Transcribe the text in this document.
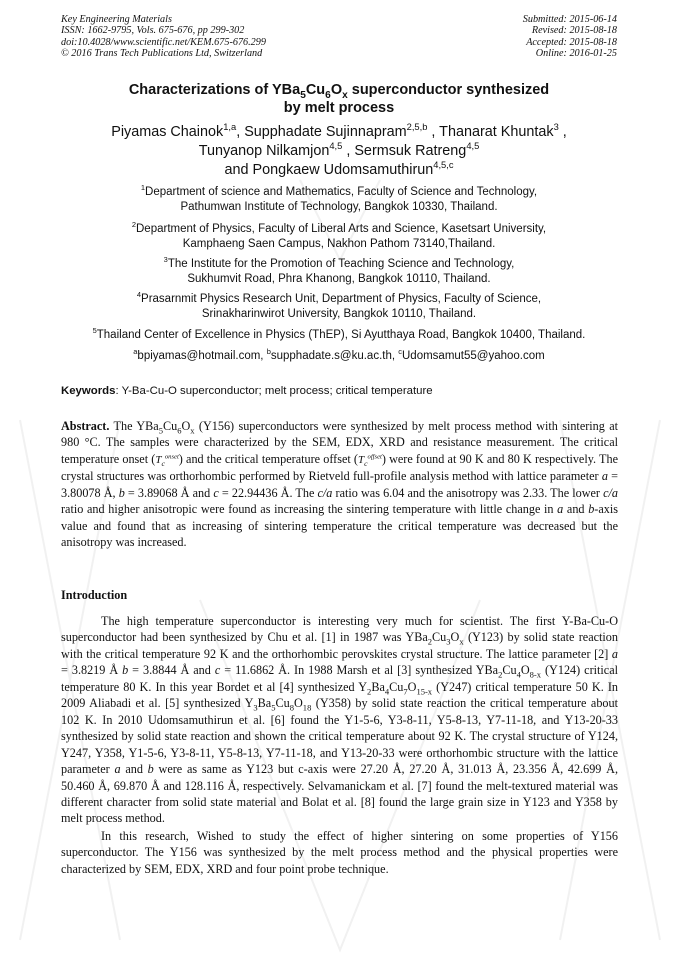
Key Engineering Materials
ISSN: 1662-9795, Vols. 675-676, pp 299-302
doi:10.4028/www.scientific.net/KEM.675-676.299
© 2016 Trans Tech Publications Ltd, Switzerland
Submitted: 2015-06-14
Revised: 2015-08-18
Accepted: 2015-08-18
Online: 2016-01-25
Characterizations of $YBa_5Cu_6O_x$ superconductor synthesized
by melt process
Piyamas Chainok$^{1,a}$, Supphadate Sujinnapram$^{2,5,b}$ , Thanarat Khuntak$^3$ ,
Tunyanop Nilkamjon$^{4,5}$ , Sermsuk Ratreng$^{4,5}$
and Pongkaew Udomsamuthirun$^{4,5,c}$
$^1$Department of science and Mathematics, Faculty of Science and Technology,
Pathumwan Institute of Technology, Bangkok 10330, Thailand.
$^2$Department of Physics, Faculty of Liberal Arts and Science, Kasetsart University,
Kamphaeng Saen Campus, Nakhon Pathom 73140,Thailand.
$^3$The Institute for the Promotion of Teaching Science and Technology,
Sukhumvit Road, Phra Khanong, Bangkok 10110, Thailand.
$^4$Prasarnmit Physics Research Unit, Department of Physics, Faculty of Science,
Srinakharinwirot University, Bangkok 10110, Thailand.
$^5$Thailand Center of Excellence in Physics (ThEP), Si Ayutthaya Road, Bangkok 10400, Thailand.
$^a$bpiyamas@hotmail.com, $^b$supphadate.s@ku.ac.th, $^c$Udomsamut55@yahoo.com
Keywords: Y-Ba-Cu-O superconductor; melt process; critical temperature
Abstract. The $YBa_5Cu_6O_x$ (Y156) superconductors were synthesized by melt process method with sintering at 980 °C. The samples were characterized by the SEM, EDX, XRD and resistance measurement. The critical temperature onset $(T_c^{onset})$ and the critical temperature offset $(T_c^{offset})$ were found at 90 K and 80 K respectively. The crystal structures was orthorhombic performed by Rietveld full-profile analysis method with lattice parameter a = 3.80078 Å, b = 3.89068 Å and c = 22.94436 Å. The c/a ratio was 6.04 and the anisotropy was 2.33. The lower c/a ratio and higher anisotropic were found as increasing the sintering temperature with little change in a and b-axis value and found that as increasing of sintering temperature the critical temperature was decreased but the anisotropy was increased.
Introduction
The high temperature superconductor is interesting very much for scientist. The first Y-Ba-Cu-O superconductor had been synthesized by Chu et al. [1] in 1987 was $YBa_2Cu_3O_x$ (Y123) by solid state reaction with the critical temperature 92 K and the orthorhombic perovskites crystal structure. The lattice parameter [2] a = 3.8219 Å b = 3.8844 Å and c = 11.6862 Å. In 1988 Marsh et al [3] synthesized $YBa_2Cu_4O_{8-x}$ (Y124) critical temperature 80 K. In this year Bordet et al [4] synthesized $Y_2Ba_4Cu_7O_{15-x}$ (Y247) critical temperature 50 K. In 2009 Aliabadi et al. [5] synthesized $Y_3Ba_5Cu_8O_{18}$ (Y358) by solid state reaction the critical temperature about 102 K. In 2010 Udomsamuthirun et al. [6] found the Y1-5-6, Y3-8-11, Y5-8-13, Y7-11-18, and Y13-20-33 synthesized by solid state reaction and shown the critical temperature about 92 K. The crystal structure of Y124, Y247, Y358, Y1-5-6, Y3-8-11, Y5-8-13, Y7-11-18, and Y13-20-33 were orthorhombic structure with the lattice parameter a and b were as same as Y123 but c-axis were 27.20 Å, 27.20 Å, 31.013 Å, 23.356 Å, 42.699 Å, 50.460 Å, 69.870 Å and 128.116 Å, respectively. Selvamanickam et al. [7] found the melt-textured material was different character from solid state material and Bolat et al. [8] found the large grain size in Y123 and Y358 by melt process method.
In this research, Wished to study the effect of higher sintering on some properties of Y156 superconductor. The Y156 was synthesized by the melt process method and the physical properties were characterized by SEM, EDX, XRD and four point probe technique.
